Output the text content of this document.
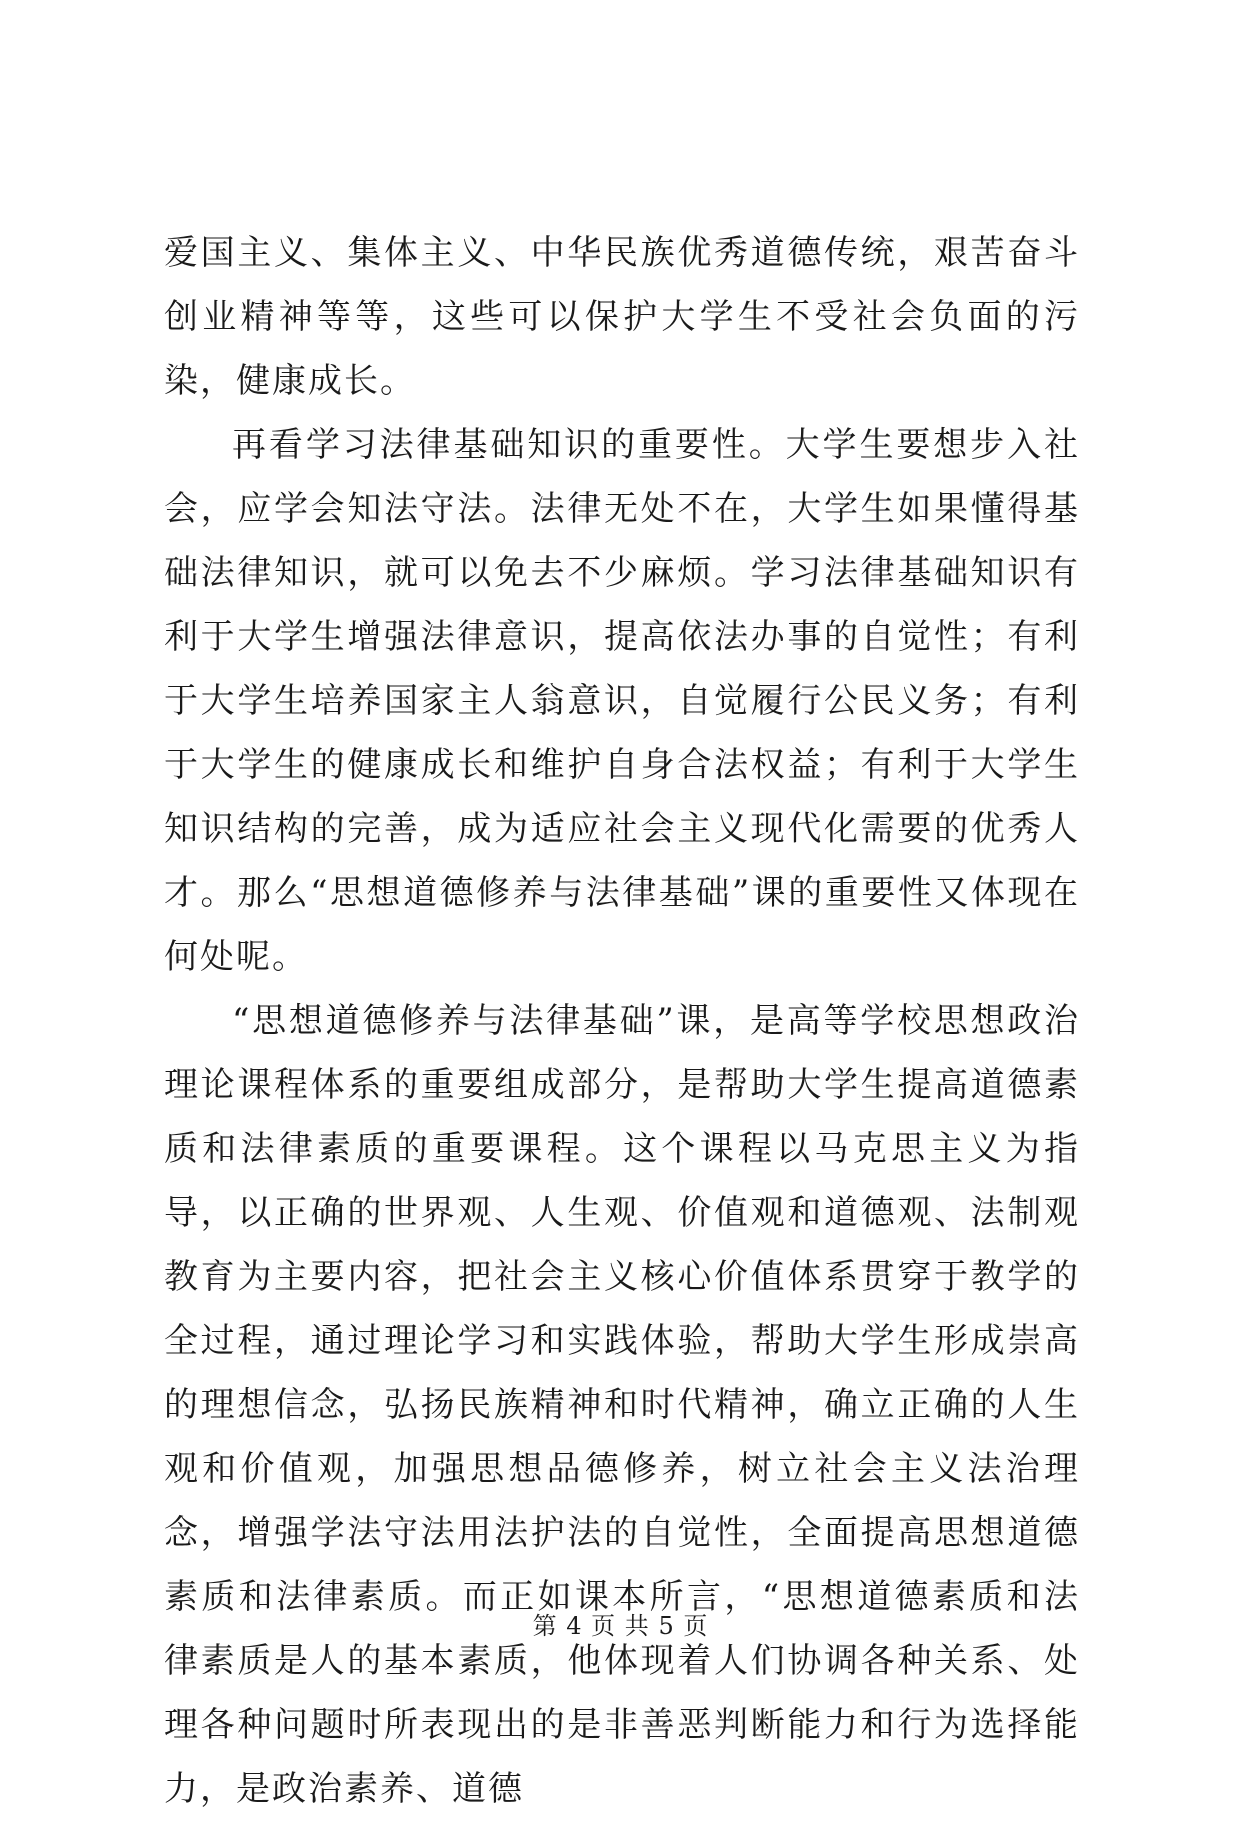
爱国主义、集体主义、中华民族优秀道德传统，艰苦奋斗创业精神等等，这些可以保护大学生不受社会负面的污染，健康成长。

再看学习法律基础知识的重要性。大学生要想步入社会，应学会知法守法。法律无处不在，大学生如果懂得基础法律知识，就可以免去不少麻烦。学习法律基础知识有利于大学生增强法律意识，提高依法办事的自觉性；有利于大学生培养国家主人翁意识，自觉履行公民义务；有利于大学生的健康成长和维护自身合法权益；有利于大学生知识结构的完善，成为适应社会主义现代化需要的优秀人才。那么“思想道德修养与法律基础”课的重要性又体现在何处呢。

“思想道德修养与法律基础”课，是高等学校思想政治理论课程体系的重要组成部分，是帮助大学生提高道德素质和法律素质的重要课程。这个课程以马克思主义为指导，以正确的世界观、人生观、价值观和道德观、法制观教育为主要内容，把社会主义核心价值体系贯穿于教学的全过程，通过理论学习和实践体验，帮助大学生形成崇高的理想信念，弘扬民族精神和时代精神，确立正确的人生观和价值观，加强思想品德修养，树立社会主义法治理念，增强学法守法用法护法的自觉性，全面提高思想道德素质和法律素质。而正如课本所言，“思想道德素质和法律素质是人的基本素质，他体现着人们协调各种关系、处理各种问题时所表现出的是非善恶判断能力和行为选择能力，是政治素养、道德

第 4 页 共 5 页
